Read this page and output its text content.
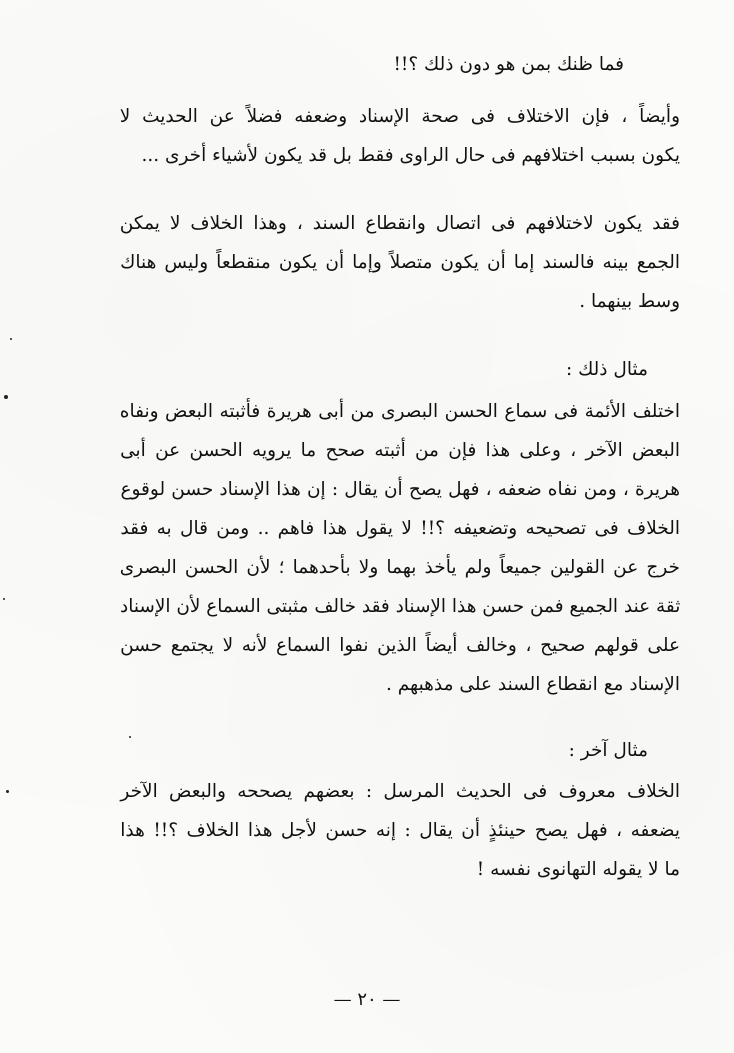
فما ظنك بمن هو دون ذلك ؟!!
وأيضاً ، فإن الاختلاف فى صحة الإسناد وضعفه فضلاً عن الحديث لا
يكون بسبب اختلافهم فى حال الراوى فقط بل قد يكون لأشياء أخرى ...
فقد يكون لاختلافهم فى اتصال وانقطاع السند ، وهذا الخلاف لا يمكن
الجمع بينه فالسند إما أن يكون متصلاً وإما أن يكون منقطعاً وليس هناك
وسط بينهما .
مثال ذلك :
اختلف الأئمة فى سماع الحسن البصرى من أبى هريرة فأثبته البعض ونفاه
البعض الآخر ، وعلى هذا فإن من أثبته صحح ما يرويه الحسن عن أبى
هريرة ، ومن نفاه ضعفه ، فهل يصح أن يقال : إن هذا الإسناد حسن لوقوع
الخلاف فى تصحيحه وتضعيفه ؟!! لا يقول هذا فاهم .. ومن قال به فقد
خرج عن القولين جميعاً ولم يأخذ بهما ولا بأحدهما ؛ لأن الحسن البصرى
ثقة عند الجميع فمن حسن هذا الإسناد فقد خالف مثبتى السماع لأن الإسناد
على قولهم صحيح ، وخالف أيضاً الذين نفوا السماع لأنه لا يجتمع حسن
الإسناد مع انقطاع السند على مذهبهم .
مثال آخر :
الخلاف معروف فى الحديث المرسل : بعضهم يصححه والبعض الآخر
يضعفه ، فهل يصح حينئذٍ أن يقال : إنه حسن لأجل هذا الخلاف ؟!! هذا
ما لا يقوله التهانوى نفسه !
— ٢٠ —
